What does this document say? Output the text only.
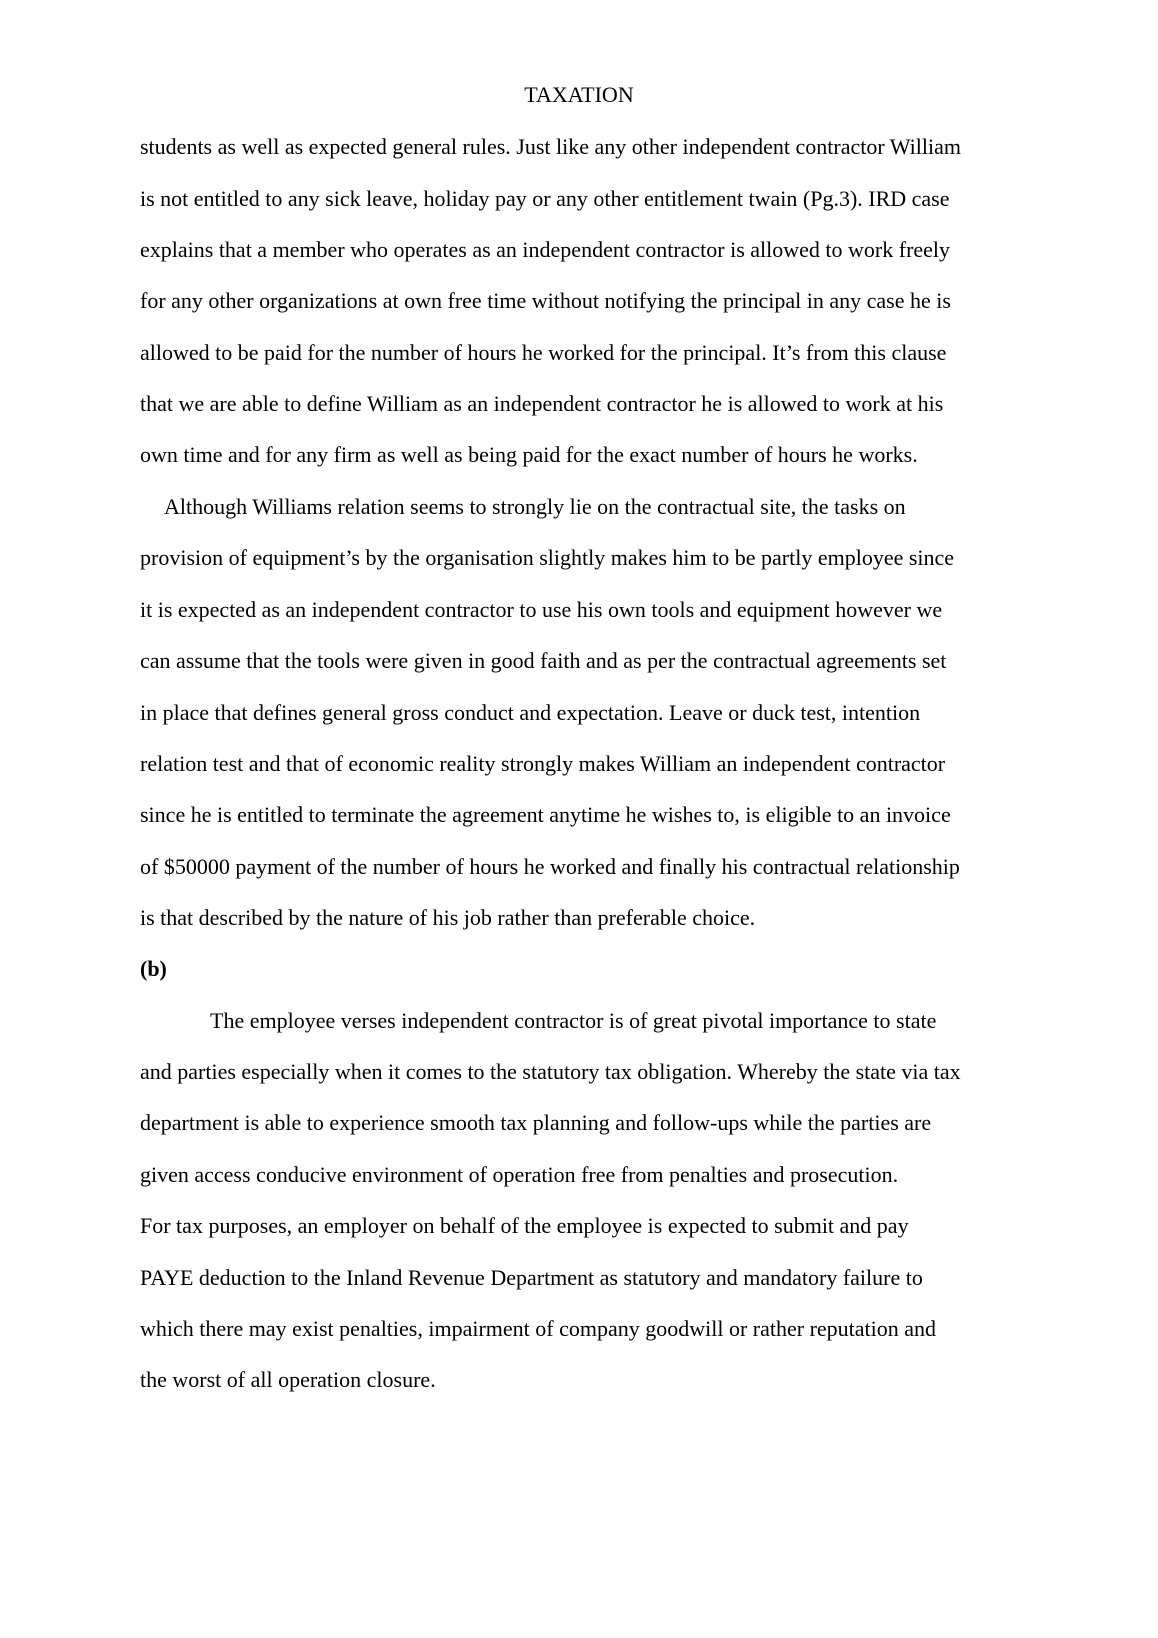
TAXATION
students as well as expected general rules. Just like any other independent contractor William
is not entitled to any sick leave, holiday pay or any other entitlement twain (Pg.3). IRD case
explains that a member who operates as an independent contractor is allowed to work freely
for any other organizations at own free time without notifying the principal in any case he is
allowed to be paid for the number of hours he worked for the principal. It’s from this clause
that we are able to define William as an independent contractor he is allowed to work at his
own time and for any firm as well as being paid for the exact number of hours he works.
Although Williams relation seems to strongly lie on the contractual site, the tasks on
provision of equipment’s by the organisation slightly makes him to be partly employee since
it is expected as an independent contractor to use his own tools and equipment however we
can assume that the tools were given in good faith and as per the contractual agreements set
in place that defines general gross conduct and expectation. Leave or duck test, intention
relation test and that of economic reality strongly makes William an independent contractor
since he is entitled to terminate the agreement anytime he wishes to, is eligible to an invoice
of $50000 payment of the number of hours he worked and finally his contractual relationship
is that described by the nature of his job rather than preferable choice.
(b)
The employee verses independent contractor is of great pivotal importance to state
and parties especially when it comes to the statutory tax obligation. Whereby the state via tax
department is able to experience smooth tax planning and follow-ups while the parties are
given access conducive environment of operation free from penalties and prosecution.
For tax purposes, an employer on behalf of the employee is expected to submit and pay
PAYE deduction to the Inland Revenue Department as statutory and mandatory failure to
which there may exist penalties, impairment of company goodwill or rather reputation and
the worst of all operation closure.
